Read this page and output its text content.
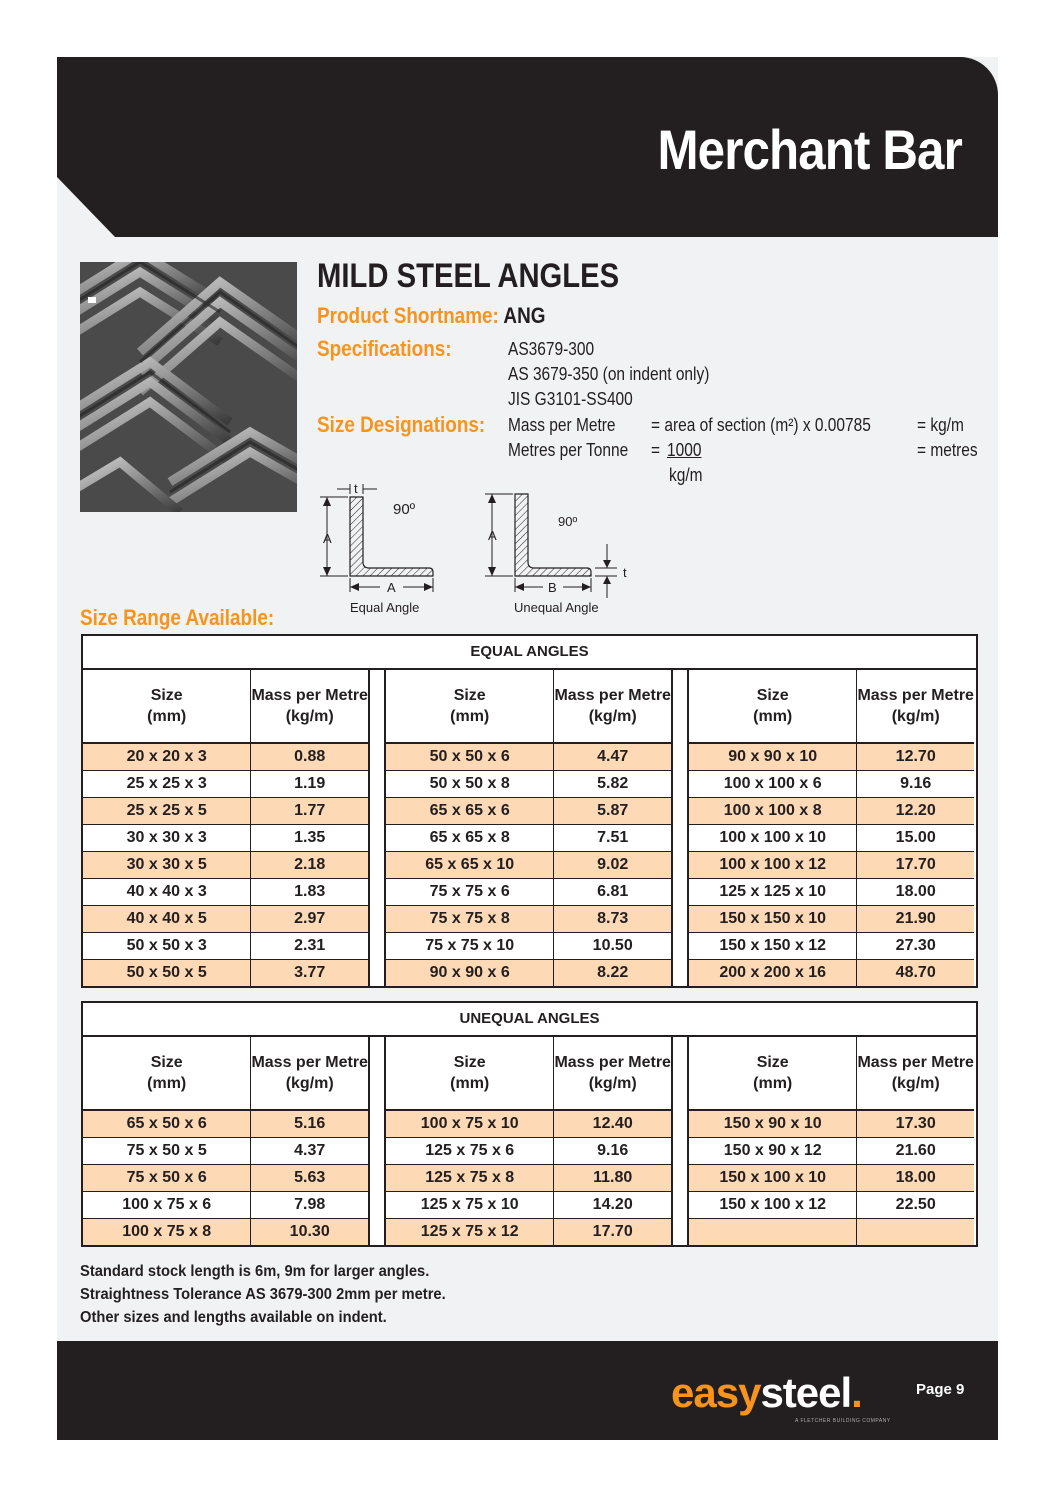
Merchant Bar
MILD STEEL ANGLES
Product Shortname: ANG
Specifications:	AS3679-300
AS 3679-350 (on indent only)
JIS G3101-SS400
Size Designations: Mass per Metre = area of section (m²) x 0.00785	= kg/m
Metres per Tonne = 1000
kg/m
= metres
A
t
90º
A
Equal Angle
A
90º
B
t
Unequal Angle
Size Range Available:
EQUAL ANGLES
Size
(mm)
Mass per Metre
(kg/m)
20 x 20 x 3	0.88
25 x 25 x 3	1.19
25 x 25 x 5	1.77
30 x 30 x 3	1.35
30 x 30 x 5	2.18
40 x 40 x 3	1.83
40 x 40 x 5	2.97
50 x 50 x 3	2.31
50 x 50 x 5	3.77
Size
(mm)
Mass per Metre
(kg/m)
50 x 50 x 6	4.47
50 x 50 x 8	5.82
65 x 65 x 6	5.87
65 x 65 x 8	7.51
65 x 65 x 10	9.02
75 x 75 x 6	6.81
75 x 75 x 8	8.73
75 x 75 x 10	10.50
90 x 90 x 6	8.22
Size
(mm)
Mass per Metre
(kg/m)
90 x 90 x 10	12.70
100 x 100 x 6	9.16
100 x 100 x 8	12.20
100 x 100 x 10	15.00
100 x 100 x 12	17.70
125 x 125 x 10	18.00
150 x 150 x 10	21.90
150 x 150 x 12	27.30
200 x 200 x 16	48.70
UNEQUAL ANGLES
Size
(mm)
Mass per Metre
(kg/m)
65 x 50 x 6	5.16
75 x 50 x 5	4.37
75 x 50 x 6	5.63
100 x 75 x 6	7.98
100 x 75 x 8	10.30
Size
(mm)
Mass per Metre
(kg/m)
100 x 75 x 10	12.40
125 x 75 x 6	9.16
125 x 75 x 8	11.80
125 x 75 x 10	14.20
125 x 75 x 12	17.70
Size
(mm)
Mass per Metre
(kg/m)
150 x 90 x 10	17.30
150 x 90 x 12	21.60
150 x 100 x 10	18.00
150 x 100 x 12	22.50
Standard stock length is 6m, 9m for larger angles.
Straightness Tolerance AS 3679-300 2mm per metre.
Other sizes and lengths available on indent.
easysteel.
A FLETCHER BUILDING COMPANY
Page 9
